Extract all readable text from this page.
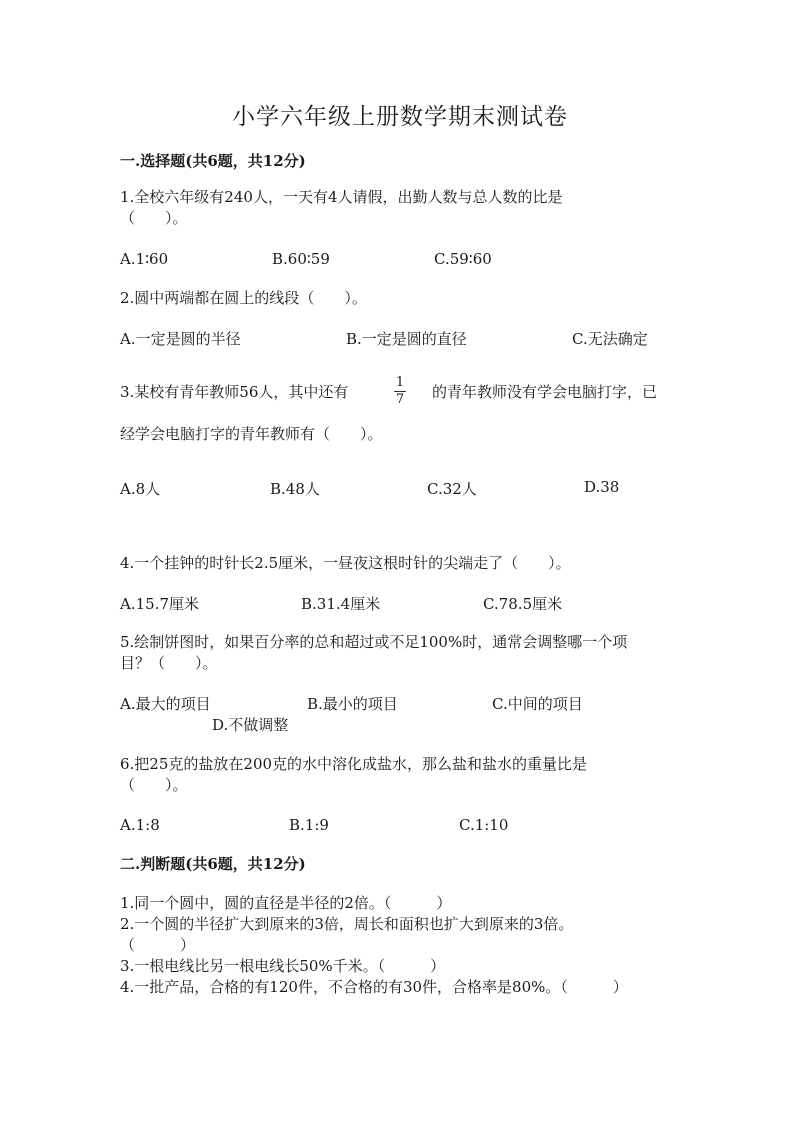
小学六年级上册数学期末测试卷
一.选择题(共6题，共12分)
1.全校六年级有240人，一天有4人请假，出勤人数与总人数的比是
（　　）。
A.1∶60	B.60∶59	C.59∶60
2.圆中两端都在圆上的线段（　　）。
A.一定是圆的半径	B.一定是圆的直径	C.无法确定
3.某校有青年教师56人，其中还有
1
7 的青年教师没有学会电脑打字，已
经学会电脑打字的青年教师有（　　）。
A.8人	B.48人	C.32人	D.38
4.一个挂钟的时针长2.5厘米，一昼夜这根时针的尖端走了（　　）。
A.15.7厘米	B.31.4厘米	C.78.5厘米
5.绘制饼图时，如果百分率的总和超过或不足100%时，通常会调整哪一个项
目？（　　）。
A.最大的项目	B.最小的项目	C.中间的项目
D.不做调整
6.把25克的盐放在200克的水中溶化成盐水，那么盐和盐水的重量比是
（　　）。
A.1:8	B.1:9	C.1:10
二.判断题(共6题，共12分)
1.同一个圆中，圆的直径是半径的2倍。（　　　）
2.一个圆的半径扩大到原来的3倍，周长和面积也扩大到原来的3倍。
（　　　）
3.一根电线比另一根电线长50%千米。（　　　）
4.一批产品，合格的有120件，不合格的有30件，合格率是80%。（　　　）
